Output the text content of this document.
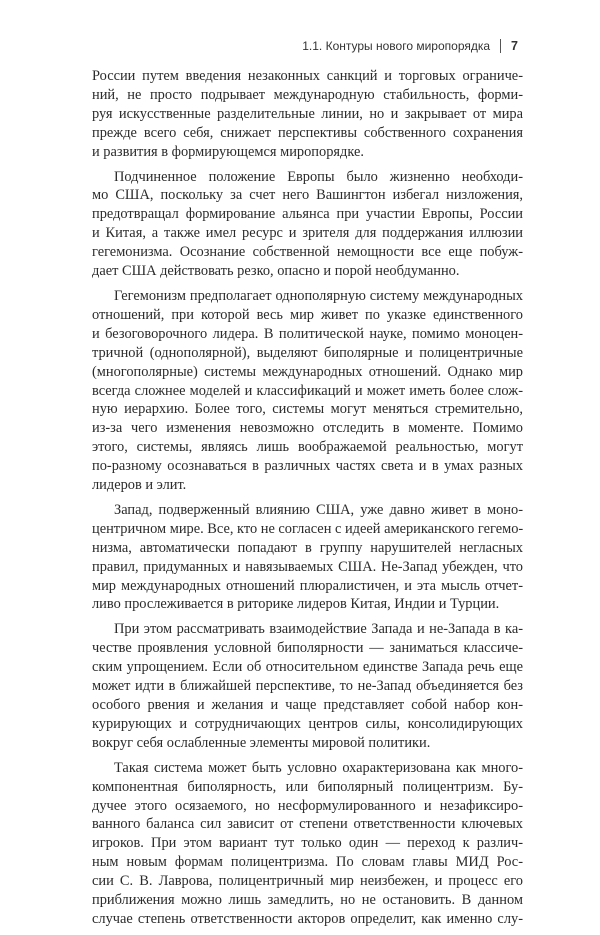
1.1. Контуры нового миропорядка 7
России путем введения незаконных санкций и торговых ограниче-
ний, не просто подрывает международную стабильность, форми-
руя искусственные разделительные линии, но и закрывает от мира
прежде всего себя, снижает перспективы собственного сохранения
и развития в формирующемся миропорядке.
Подчиненное положение Европы было жизненно необходи-
мо США, поскольку за счет него Вашингтон избегал низложения,
предотвращал формирование альянса при участии Европы, России
и Китая, а также имел ресурс и зрителя для поддержания иллюзии
гегемонизма. Осознание собственной немощности все еще побуж-
дает США действовать резко, опасно и порой необдуманно.
Гегемонизм предполагает однополярную систему международных
отношений, при которой весь мир живет по указке единственного
и безоговорочного лидера. В политической науке, помимо моноцен-
тричной (однополярной), выделяют биполярные и полицентричные
(многополярные) системы международных отношений. Однако мир
всегда сложнее моделей и классификаций и может иметь более слож-
ную иерархию. Более того, системы могут меняться стремительно,
из-за чего изменения невозможно отследить в моменте. Помимо
этого, системы, являясь лишь воображаемой реальностью, могут
по-разному осознаваться в различных частях света и в умах разных
лидеров и элит.
Запад, подверженный влиянию США, уже давно живет в моно-
центричном мире. Все, кто не согласен с идеей американского гегемо-
низма, автоматически попадают в группу нарушителей негласных
правил, придуманных и навязываемых США. Не-Запад убежден, что
мир международных отношений плюралистичен, и эта мысль отчет-
ливо прослеживается в риторике лидеров Китая, Индии и Турции.
При этом рассматривать взаимодействие Запада и не-Запада в ка-
честве проявления условной биполярности — заниматься классиче-
ским упрощением. Если об относительном единстве Запада речь еще
может идти в ближайшей перспективе, то не-Запад объединяется без
особого рвения и желания и чаще представляет собой набор кон-
курирующих и сотрудничающих центров силы, консолидирующих
вокруг себя ослабленные элементы мировой политики.
Такая система может быть условно охарактеризована как много-
компонентная биполярность, или биполярный полицентризм. Бу-
дучее этого осязаемого, но несформулированного и незафиксиро-
ванного баланса сил зависит от степени ответственности ключевых
игроков. При этом вариант тут только один — переход к различ-
ным новым формам полицентризма. По словам главы МИД Рос-
сии С. В. Лаврова, полицентричный мир неизбежен, и процесс его
приближения можно лишь замедлить, но не остановить. В данном
случае степень ответственности акторов определит, как именно слу-
